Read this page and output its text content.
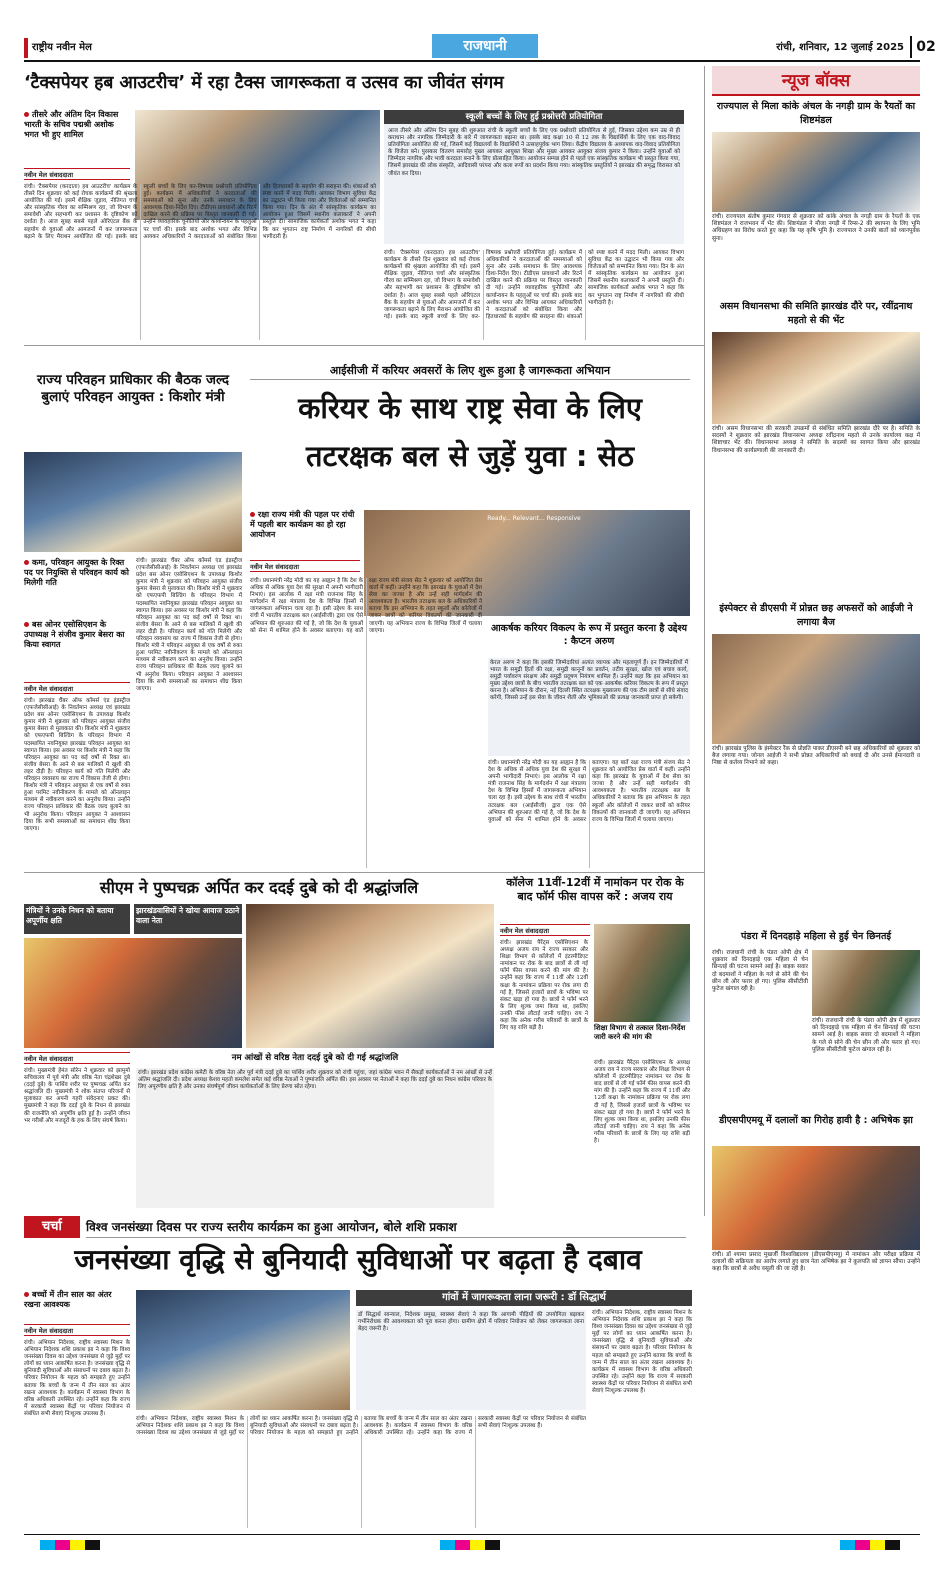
राष्ट्रीय नवीन मेल	राजधानी	रांची, शनिवार, 12 जुलाई 2025 02
‘टैक्सपेयर हब आउटरीच’ में रहा टैक्स जागरूकता व उत्सव का जीवंत संगम
तीसरे और अंतिम दिन विकास भारती के सचिव पद्मश्री अशोक भगत भी हुए शामिल
नवीन मेल संवाददाता
रांची। 'टैक्सपेयर (करदाता) हब आउटरीच' कार्यक्रम के तीसरे दिन शुक्रवार को कई रोचक कार्यक्रमों की श्रृंखला आयोजित की गई। इसमें शैक्षिक जुड़ाव, नीतिगत चर्चा और सांस्कृतिक गौरव का सम्मिश्रण रहा, जो विभाग के समावेशी और सहभागी कर प्रशासन के दृष्टिकोण को दर्शाता है। आज सुबह सबसे पहले ओरिएंटल बैंक के सहयोग से युवाओं और आमजनों में कर जागरूकता बढ़ाने के लिए मैराथन आयोजित की गई। इसके बाद स्कूली बच्चों के लिए कर-विषयक प्रश्नोत्तरी प्रतियोगिता हुई। कार्यक्रम में अधिकारियों ने करदाताओं की समस्याओं को सुना और उनके समाधान के लिए आवश्यक दिशा-निर्देश दिए। टीडीएस प्रावधानों और रिटर्न दाखिल करने की प्रक्रिया पर विस्तृत जानकारी दी गई। उन्होंने व्यावहारिक चुनौतियों और कार्यान्वयन के पहलुओं पर चर्चा की। इसके बाद अशोक भगत और विभिन्न आयकर अधिकारियों ने करदाताओं को संबोधित किया और हितधारकों के सहयोग की सराहना की। शंकाओं को स्पष्ट करने में मदद मिली। आयकर विभाग सुविधा केंद्र का उद्घाटन भी किया गया और विजेताओं को सम्मानित किया गया। दिन के अंत में सांस्कृतिक कार्यक्रम का आयोजन हुआ जिसमें स्थानीय कलाकारों ने अपनी प्रस्तुति दी। सामाजिक कार्यकर्ता अशोक भगत ने कहा कि कर भुगतान राष्ट्र निर्माण में नागरिकों की सीधी भागीदारी है।
स्कूली बच्चों के लिए हुई प्रश्नोत्तरी प्रतियोगिता
आज तीसरे और अंतिम दिन सुबह की शुरुआत रांची के स्कूली बच्चों के लिए एक प्रश्नोत्तरी प्रतियोगिता से हुई, जिसका उद्देश्य कम उम्र से ही कराधान और नागरिक जिम्मेदारी के बारे में जागरूकता बढ़ाना था। इसके बाद कक्षा 10 से 12 तक के विद्यार्थियों के लिए एक वाद-विवाद प्रतियोगिता आयोजित की गई, जिसमें कई विद्यालयों के विद्यार्थियों ने उत्साहपूर्वक भाग लिया। केंद्रीय विद्यालय के अध्यापक वाद-विवाद प्रतियोगिता के विजेता बने। पुरस्कार वितरण समारोह मुख्य आयकर आयुक्त शिखा और मुख्य आयकर आयुक्त संजय कुमार ने किया। उन्होंने युवाओं को जिम्मेदार नागरिक और भावी करदाता बनाने के लिए प्रोत्साहित किया। आयोजन सम्पन्न होने से पहले एक सांस्कृतिक कार्यक्रम भी प्रस्तुत किया गया, जिसमें झारखंड की लोक संस्कृति, आदिवासी परंपरा और कला रूपों का प्रदर्शन किया गया। सांस्कृतिक प्रस्तुतियों ने झारखंड की समृद्ध विरासत को जीवंत कर दिया।
रांची। 'टैक्सपेयर (करदाता) हब आउटरीच' कार्यक्रम के तीसरे दिन शुक्रवार को कई रोचक कार्यक्रमों की श्रृंखला आयोजित की गई। इसमें शैक्षिक जुड़ाव, नीतिगत चर्चा और सांस्कृतिक गौरव का सम्मिश्रण रहा, जो विभाग के समावेशी और सहभागी कर प्रशासन के दृष्टिकोण को दर्शाता है। आज सुबह सबसे पहले ओरिएंटल बैंक के सहयोग से युवाओं और आमजनों में कर जागरूकता बढ़ाने के लिए मैराथन आयोजित की गई। इसके बाद स्कूली बच्चों के लिए कर-विषयक प्रश्नोत्तरी प्रतियोगिता हुई। कार्यक्रम में अधिकारियों ने करदाताओं की समस्याओं को सुना और उनके समाधान के लिए आवश्यक दिशा-निर्देश दिए। टीडीएस प्रावधानों और रिटर्न दाखिल करने की प्रक्रिया पर विस्तृत जानकारी दी गई। उन्होंने व्यावहारिक चुनौतियों और कार्यान्वयन के पहलुओं पर चर्चा की। इसके बाद अशोक भगत और विभिन्न आयकर अधिकारियों ने करदाताओं को संबोधित किया और हितधारकों के सहयोग की सराहना की। शंकाओं को स्पष्ट करने में मदद मिली। आयकर विभाग सुविधा केंद्र का उद्घाटन भी किया गया और विजेताओं को सम्मानित किया गया। दिन के अंत में सांस्कृतिक कार्यक्रम का आयोजन हुआ जिसमें स्थानीय कलाकारों ने अपनी प्रस्तुति दी। सामाजिक कार्यकर्ता अशोक भगत ने कहा कि कर भुगतान राष्ट्र निर्माण में नागरिकों की सीधी भागीदारी है।
राज्य परिवहन प्राधिकार की बैठक जल्द बुलाएं परिवहन आयुक्त : किशोर मंत्री
कमा, परिवहन आयुक्त के रिक्त पद पर नियुक्ति से परिवहन कार्य को मिलेगी गति
बस ओनर एसोसिएशन के उपाध्यक्ष ने संजीव कुमार बेसरा का किया स्वागत
नवीन मेल संवाददाता
रांची। झारखंड चैंबर ऑफ कॉमर्स एंड इंडस्ट्रीज (एफजेसीसीआई) के निवर्तमान अध्यक्ष एवं झारखंड प्रदेश बस ओनर एसोसिएशन के उपाध्यक्ष किशोर कुमार मंत्री ने शुक्रवार को परिवहन आयुक्त संजीव कुमार बेसरा से मुलाकात की। किशोर मंत्री ने शुक्रवार को एफएफपी बिल्डिंग के परिवहन विभाग में पदस्थापित नवनियुक्त झारखंड परिवहन आयुक्त का स्वागत किया। इस अवसर पर किशोर मंत्री ने कहा कि परिवहन आयुक्त का पद कई वर्षों से रिक्त था। संजीव बेसरा के आने से बस मालिकों में खुशी की लहर दौड़ी है। परिवहन कार्य को गति मिलेगी और परिवहन व्यवसाय का राज्य में विकास तेजी से होगा। किशोर मंत्री ने परिवहन आयुक्त से एक वर्षों से रुका हुआ परमिट नवीनीकरण के मामले को ऑनलाइन माध्यम से नवीकरण करने का अनुरोध किया। उन्होंने राज्य परिवहन प्राधिकार की बैठक जल्द बुलाने का भी अनुरोध किया। परिवहन आयुक्त ने आश्वासन दिया कि सभी समस्याओं का समाधान शीघ्र किया जाएगा।
रांची। झारखंड चैंबर ऑफ कॉमर्स एंड इंडस्ट्रीज (एफजेसीसीआई) के निवर्तमान अध्यक्ष एवं झारखंड प्रदेश बस ओनर एसोसिएशन के उपाध्यक्ष किशोर कुमार मंत्री ने शुक्रवार को परिवहन आयुक्त संजीव कुमार बेसरा से मुलाकात की। किशोर मंत्री ने शुक्रवार को एफएफपी बिल्डिंग के परिवहन विभाग में पदस्थापित नवनियुक्त झारखंड परिवहन आयुक्त का स्वागत किया। इस अवसर पर किशोर मंत्री ने कहा कि परिवहन आयुक्त का पद कई वर्षों से रिक्त था। संजीव बेसरा के आने से बस मालिकों में खुशी की लहर दौड़ी है। परिवहन कार्य को गति मिलेगी और परिवहन व्यवसाय का राज्य में विकास तेजी से होगा। किशोर मंत्री ने परिवहन आयुक्त से एक वर्षों से रुका हुआ परमिट नवीनीकरण के मामले को ऑनलाइन माध्यम से नवीकरण करने का अनुरोध किया। उन्होंने राज्य परिवहन प्राधिकार की बैठक जल्द बुलाने का भी अनुरोध किया। परिवहन आयुक्त ने आश्वासन दिया कि सभी समस्याओं का समाधान शीघ्र किया जाएगा।
आईसीजी में करियर अवसरों के लिए शुरू हुआ है जागरूकता अभियान
करियर के साथ राष्ट्र सेवा के लिए तटरक्षक बल से जुड़ें युवा : सेठ
रक्षा राज्य मंत्री की पहल पर रांची में पहली बार कार्यक्रम का हो रहा आयोजन
नवीन मेल संवाददाता
Ready... Relevant... Responsive
रांची। प्रधानमंत्री नरेंद्र मोदी का यह आह्वान है कि देश के अधिक से अधिक युवा देश की सुरक्षा में अपनी भागीदारी निभाएं। इस आलोक में रक्षा मंत्री राजनाथ सिंह के मार्गदर्शन में रक्षा मंत्रालय देश के विभिन्न हिस्सों में जागरूकता अभियान चला रहा है। इसी उद्देश्य के साथ रांची में भारतीय तटरक्षक बल (आईसीजी) द्वारा एक ऐसे अभियान की शुरुआत की गई है, जो कि देश के युवाओं को सेना में शामिल होने के अवसर बताएगा। यह बातें रक्षा राज्य मंत्री संजय सेठ ने शुक्रवार को आयोजित प्रेस वार्ता में कहीं। उन्होंने कहा कि झारखंड के युवाओं में देश सेवा का जज्बा है और उन्हें सही मार्गदर्शन की आवश्यकता है। भारतीय तटरक्षक बल के अधिकारियों ने बताया कि इस अभियान के तहत स्कूलों और कॉलेजों में जाकर छात्रों को करियर विकल्पों की जानकारी दी जाएगी। यह अभियान राज्य के विभिन्न जिलों में चलाया जाएगा।	आकर्षक करियर विकल्प के रूप में प्रस्तुत करना है उद्देश्य : कैप्टन अरुण
केरल अरुण ने कहा कि इसकी जिम्मेदारियां अत्यंत व्यापक और महत्वपूर्ण हैं। इन जिम्मेदारियों में भारत के समुद्री हितों की रक्षा, समुद्री कानूनों का प्रवर्तन, तटीय सुरक्षा, खोज एवं बचाव कार्य, समुद्री पर्यावरण संरक्षण और समुद्री प्रदूषण नियंत्रण शामिल हैं। उन्होंने कहा कि इस अभियान का मुख्य उद्देश्य छात्रों के बीच भारतीय तटरक्षक बल को एक आकर्षक करियर विकल्प के रूप में प्रस्तुत करना है। अभियान के दौरान, नई दिल्ली स्थित तटरक्षक मुख्यालय की एक टीम छात्रों से सीधे संवाद करेगी, जिससे उन्हें इस सेवा के जीवन शैली और भूमिकाओं की प्रत्यक्ष जानकारी प्राप्त हो सकेगी।
रांची। प्रधानमंत्री नरेंद्र मोदी का यह आह्वान है कि देश के अधिक से अधिक युवा देश की सुरक्षा में अपनी भागीदारी निभाएं। इस आलोक में रक्षा मंत्री राजनाथ सिंह के मार्गदर्शन में रक्षा मंत्रालय देश के विभिन्न हिस्सों में जागरूकता अभियान चला रहा है। इसी उद्देश्य के साथ रांची में भारतीय तटरक्षक बल (आईसीजी) द्वारा एक ऐसे अभियान की शुरुआत की गई है, जो कि देश के युवाओं को सेना में शामिल होने के अवसर बताएगा। यह बातें रक्षा राज्य मंत्री संजय सेठ ने शुक्रवार को आयोजित प्रेस वार्ता में कहीं। उन्होंने कहा कि झारखंड के युवाओं में देश सेवा का जज्बा है और उन्हें सही मार्गदर्शन की आवश्यकता है। भारतीय तटरक्षक बल के अधिकारियों ने बताया कि इस अभियान के तहत स्कूलों और कॉलेजों में जाकर छात्रों को करियर विकल्पों की जानकारी दी जाएगी। यह अभियान राज्य के विभिन्न जिलों में चलाया जाएगा।
सीएम ने पुष्पचक्र अर्पित कर ददई दुबे को दी श्रद्धांजलि
मंत्रियों ने उनके निधन को बताया अपूर्णीय क्षति
झारखंडवासियों ने खोया आवाज उठाने वाला नेता
नवीन मेल संवाददाता	नम आंखों से वरिष्ठ नेता ददई दुबे को दी गई श्रद्धांजलि
रांची। मुख्यमंत्री हेमंत सोरेन ने शुक्रवार को झामुमो सचिवालय में पूर्व मंत्री और वरिष्ठ नेता चंद्रशेखर दुबे (ददई दुबे) के पार्थिव शरीर पर पुष्पचक्र अर्पित कर श्रद्धांजलि दी। मुख्यमंत्री ने शोक संतप्त परिजनों से मुलाकात कर अपनी गहरी संवेदनाएं प्रकट की। मुख्यमंत्री ने कहा कि ददई दुबे के निधन से झारखंड की राजनीति को अपूर्णीय क्षति हुई है। उन्होंने जीवन भर गरीबों और मजदूरों के हक के लिए संघर्ष किया।
रांची। झारखंड प्रदेश कांग्रेस कमेटी के वरिष्ठ नेता और पूर्व मंत्री ददई दुबे का पार्थिव शरीर शुक्रवार को रांची पहुंचा, जहां कांग्रेस भवन में सैकड़ों कार्यकर्ताओं ने नम आंखों से उन्हें अंतिम श्रद्धांजलि दी। प्रदेश अध्यक्ष केशव महतो कमलेश समेत कई वरिष्ठ नेताओं ने पुष्पांजलि अर्पित की। इस अवसर पर नेताओं ने कहा कि ददई दुबे का निधन कांग्रेस परिवार के लिए अपूरणीय क्षति है और उनका संघर्षपूर्ण जीवन कार्यकर्ताओं के लिए प्रेरणा स्रोत रहेगा।
कॉलेज 11वीं-12वीं में नामांकन पर रोक के बाद फॉर्म फीस वापस करें : अजय राय
नवीन मेल संवाददाता
रांची। झारखंड पैरेंट्स एसोसिएशन के अध्यक्ष अजय राय ने राज्य सरकार और शिक्षा विभाग से कॉलेजों में इंटरमीडिएट नामांकन पर रोक के बाद छात्रों से ली गई फॉर्म फीस वापस करने की मांग की है। उन्होंने कहा कि राज्य में 11वीं और 12वीं कक्षा के नामांकन प्रक्रिया पर रोक लगा दी गई है, जिससे हजारों छात्रों के भविष्य पर संकट खड़ा हो गया है। छात्रों ने फॉर्म भरने के लिए शुल्क जमा किया था, इसलिए उनकी फीस लौटाई जानी चाहिए। राय ने कहा कि अनेक गरीब परिवारों के छात्रों के लिए यह राशि बड़ी है।	शिक्षा विभाग से तत्काल दिशा-निर्देश जारी करने की मांग की
रांची। झारखंड पैरेंट्स एसोसिएशन के अध्यक्ष अजय राय ने राज्य सरकार और शिक्षा विभाग से कॉलेजों में इंटरमीडिएट नामांकन पर रोक के बाद छात्रों से ली गई फॉर्म फीस वापस करने की मांग की है। उन्होंने कहा कि राज्य में 11वीं और 12वीं कक्षा के नामांकन प्रक्रिया पर रोक लगा दी गई है, जिससे हजारों छात्रों के भविष्य पर संकट खड़ा हो गया है। छात्रों ने फॉर्म भरने के लिए शुल्क जमा किया था, इसलिए उनकी फीस लौटाई जानी चाहिए। राय ने कहा कि अनेक गरीब परिवारों के छात्रों के लिए यह राशि बड़ी है।
चर्चा	विश्व जनसंख्या दिवस पर राज्य स्तरीय कार्यक्रम का हुआ आयोजन, बोले शशि प्रकाश
जनसंख्या वृद्धि से बुनियादी सुविधाओं पर बढ़ता है दबाव
बच्चों में तीन साल का अंतर रखना आवश्यक
नवीन मेल संवाददाता
रांची। अभियान निदेशक, राष्ट्रीय स्वास्थ्य मिशन के अभियान निदेशक शशि प्रकाश झा ने कहा कि विश्व जनसंख्या दिवस का उद्देश्य जनसंख्या से जुड़े मुद्दों पर लोगों का ध्यान आकर्षित करना है। जनसंख्या वृद्धि से बुनियादी सुविधाओं और संसाधनों पर दबाव बढ़ता है। परिवार नियोजन के महत्व को समझाते हुए उन्होंने बताया कि बच्चों के जन्म में तीन साल का अंतर रखना आवश्यक है। कार्यक्रम में स्वास्थ्य विभाग के वरिष्ठ अधिकारी उपस्थित रहे। उन्होंने कहा कि राज्य में सरकारी स्वास्थ्य केंद्रों पर परिवार नियोजन से संबंधित सभी सेवाएं निःशुल्क उपलब्ध हैं।
गांवों में जागरूकता लाना जरूरी : डॉ सिद्धार्थ
डॉ सिद्धार्थ सान्याल, निदेशक प्रमुख, स्वास्थ्य सेवाएं ने कहा कि आगामी पीढ़ियों की उपयोगिता बढ़ाकर गर्भनिरोधक की आवश्यकता को पूरा करना होगा। ग्रामीण क्षेत्रों में परिवार नियोजन को लेकर जागरूकता लाना बेहद जरूरी है।
रांची। अभियान निदेशक, राष्ट्रीय स्वास्थ्य मिशन के अभियान निदेशक शशि प्रकाश झा ने कहा कि विश्व जनसंख्या दिवस का उद्देश्य जनसंख्या से जुड़े मुद्दों पर लोगों का ध्यान आकर्षित करना है। जनसंख्या वृद्धि से बुनियादी सुविधाओं और संसाधनों पर दबाव बढ़ता है। परिवार नियोजन के महत्व को समझाते हुए उन्होंने बताया कि बच्चों के जन्म में तीन साल का अंतर रखना आवश्यक है। कार्यक्रम में स्वास्थ्य विभाग के वरिष्ठ अधिकारी उपस्थित रहे। उन्होंने कहा कि राज्य में सरकारी स्वास्थ्य केंद्रों पर परिवार नियोजन से संबंधित सभी सेवाएं निःशुल्क उपलब्ध हैं।
रांची। अभियान निदेशक, राष्ट्रीय स्वास्थ्य मिशन के अभियान निदेशक शशि प्रकाश झा ने कहा कि विश्व जनसंख्या दिवस का उद्देश्य जनसंख्या से जुड़े मुद्दों पर लोगों का ध्यान आकर्षित करना है। जनसंख्या वृद्धि से बुनियादी सुविधाओं और संसाधनों पर दबाव बढ़ता है। परिवार नियोजन के महत्व को समझाते हुए उन्होंने बताया कि बच्चों के जन्म में तीन साल का अंतर रखना आवश्यक है। कार्यक्रम में स्वास्थ्य विभाग के वरिष्ठ अधिकारी उपस्थित रहे। उन्होंने कहा कि राज्य में सरकारी स्वास्थ्य केंद्रों पर परिवार नियोजन से संबंधित सभी सेवाएं निःशुल्क उपलब्ध हैं।
न्यूज बॉक्स
राज्यपाल से मिला कांके अंचल के नगड़ी ग्राम के रैयतों का शिष्टमंडल
रांची। राज्यपाल संतोष कुमार गंगवार से शुक्रवार को कांके अंचल के नगड़ी ग्राम के रैयतों के एक शिष्टमंडल ने राजभवन में भेंट की। शिष्टमंडल ने मौजा नगड़ी में रिम्स-2 की स्थापना के लिए भूमि अधिग्रहण का विरोध करते हुए कहा कि यह कृषि भूमि है। राज्यपाल ने उनकी बातों को ध्यानपूर्वक सुना।
असम विधानसभा की समिति झारखंड दौरे पर, रवींद्रनाथ महतो से की भेंट
रांची। असम विधानसभा की सरकारी उपक्रमों से संबंधित समिति झारखंड दौरे पर है। समिति के सदस्यों ने शुक्रवार को झारखंड विधानसभा अध्यक्ष रवींद्रनाथ महतो से उनके कार्यालय कक्ष में शिष्टाचार भेंट की। विधानसभा अध्यक्ष ने समिति के सदस्यों का स्वागत किया और झारखंड विधानसभा की कार्यप्रणाली की जानकारी दी।
इंस्पेक्टर से डीएसपी में प्रोन्नत छह अफसरों को आईजी ने लगाया बैज
रांची। झारखंड पुलिस के इंस्पेक्टर रैंक से प्रोन्नति पाकर डीएसपी बने छह अधिकारियों को शुक्रवार को बैज लगाया गया। जोनल आईजी ने सभी प्रोन्नत अधिकारियों को बधाई दी और उनसे ईमानदारी व निष्ठा से कर्तव्य निभाने को कहा।
पंडरा में दिनदहाड़े महिला से हुई चेन छिनतई
रांची। राजधानी रांची के पंडरा ओपी क्षेत्र में शुक्रवार को दिनदहाड़े एक महिला से चेन छिनतई की घटना सामने आई है। बाइक सवार दो बदमाशों ने महिला के गले से सोने की चेन छीन ली और फरार हो गए। पुलिस सीसीटीवी फुटेज खंगाल रही है।
रांची। राजधानी रांची के पंडरा ओपी क्षेत्र में शुक्रवार को दिनदहाड़े एक महिला से चेन छिनतई की घटना सामने आई है। बाइक सवार दो बदमाशों ने महिला के गले से सोने की चेन छीन ली और फरार हो गए। पुलिस सीसीटीवी फुटेज खंगाल रही है।
डीएसपीएमयू में दलालों का गिरोह हावी है : अभिषेक झा
रांची। डॉ श्यामा प्रसाद मुखर्जी विश्वविद्यालय (डीएसपीएमयू) में नामांकन और परीक्षा प्रक्रिया में दलालों की सक्रियता का आरोप लगाते हुए छात्र नेता अभिषेक झा ने कुलपति को ज्ञापन सौंपा। उन्होंने कहा कि छात्रों से अवैध वसूली की जा रही है।
